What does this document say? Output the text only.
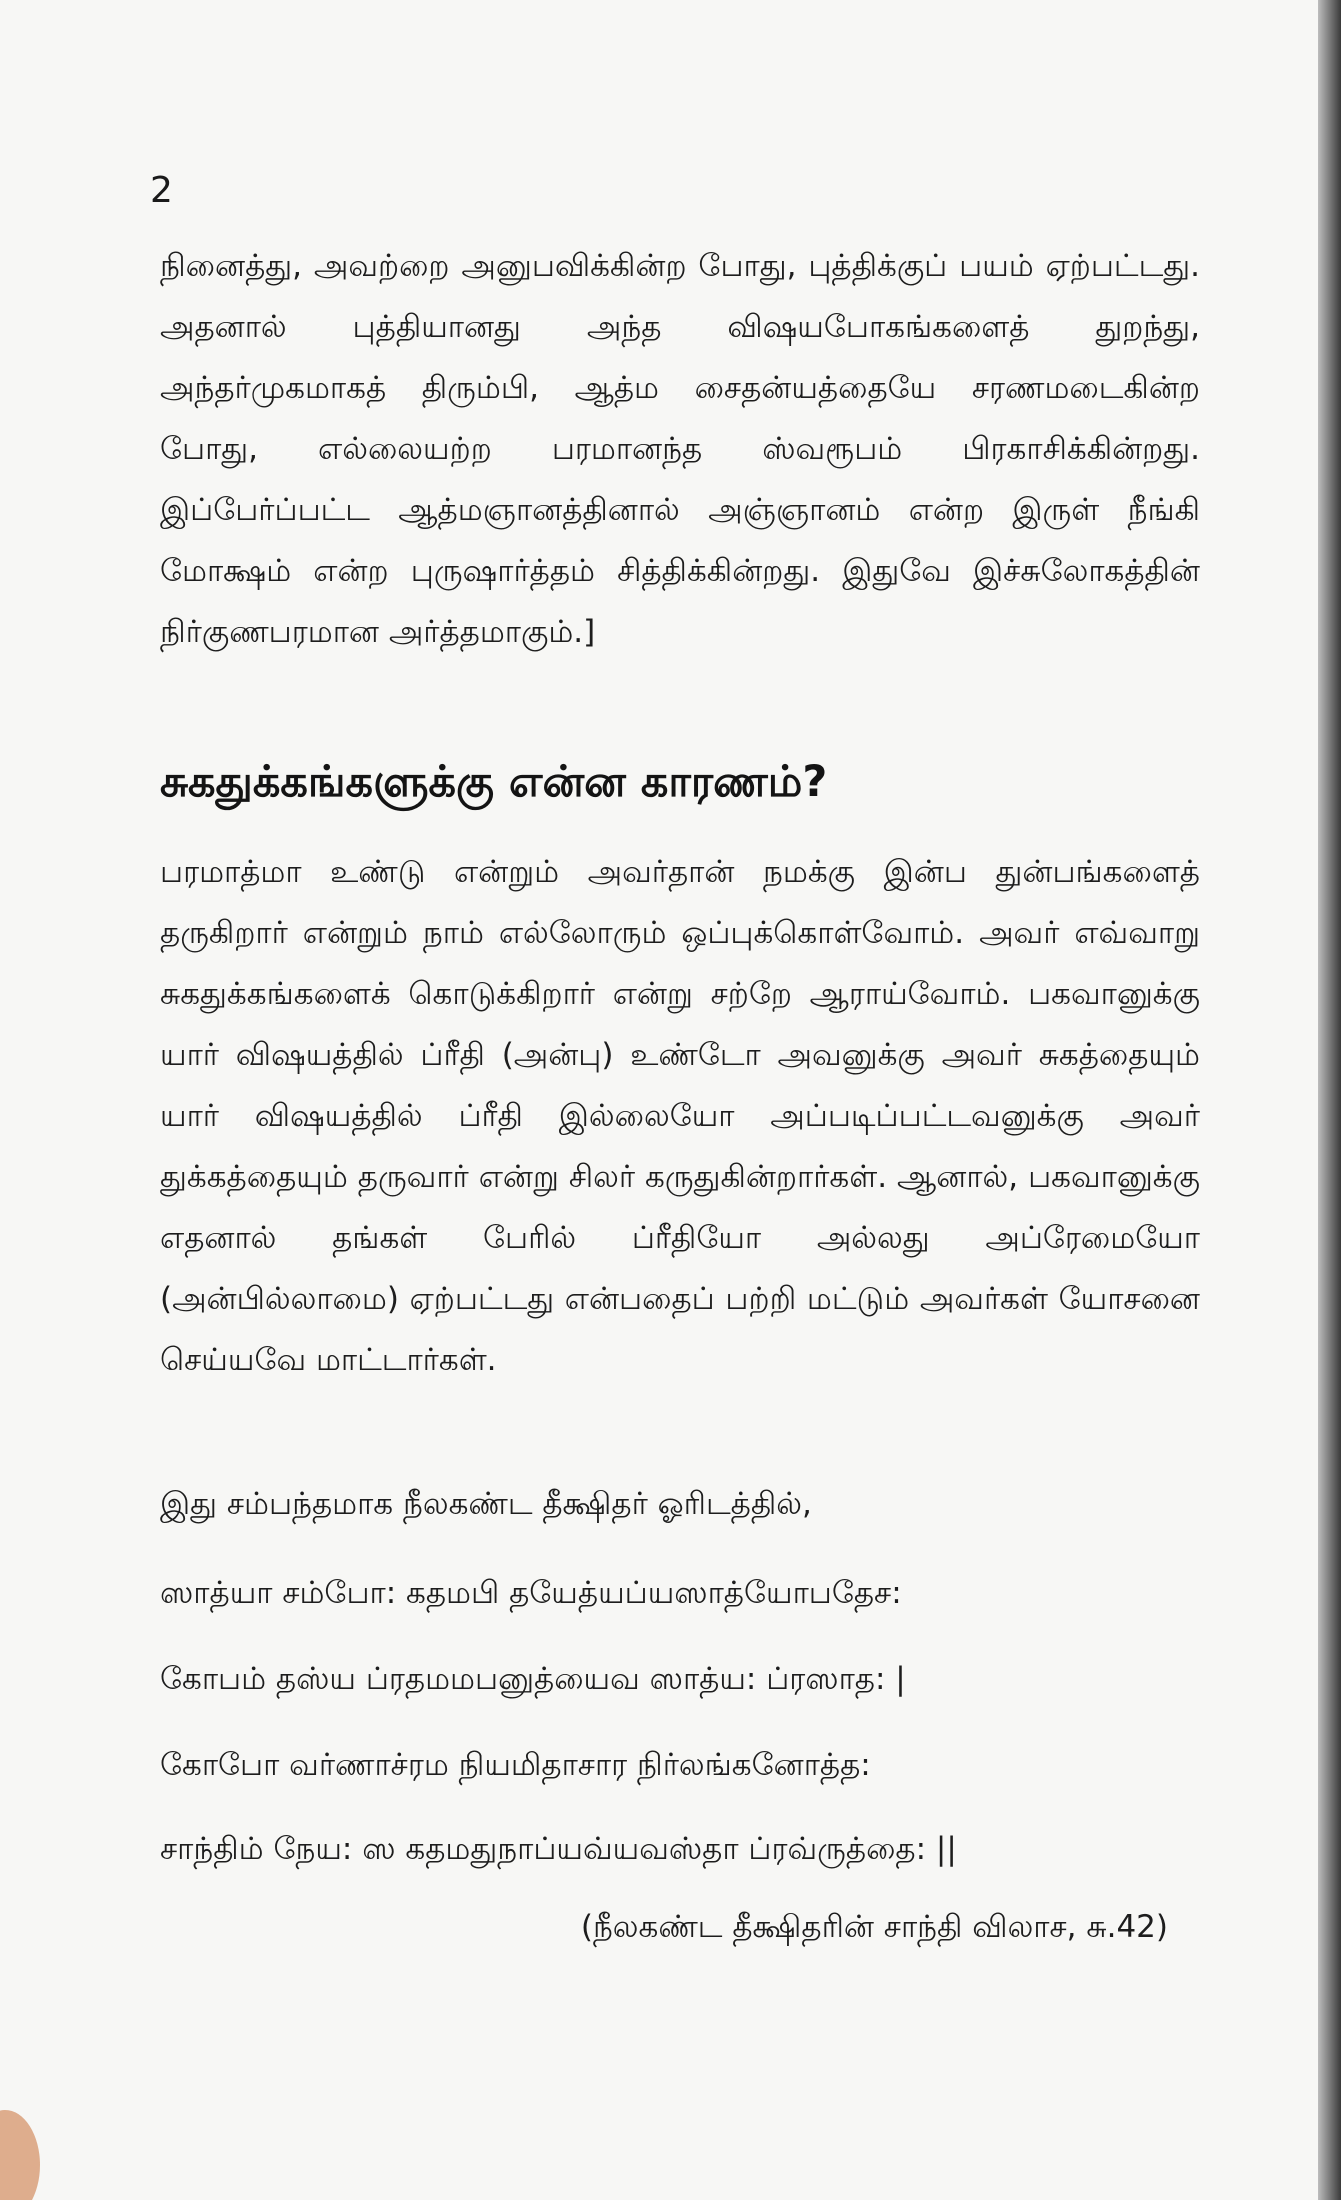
2

நினைத்து, அவற்றை அனுபவிக்கின்ற போது, புத்திக்குப் பயம் ஏற்பட்டது. அதனால் புத்தியானது அந்த விஷயபோகங்களைத் துறந்து, அந்தர்முகமாகத் திரும்பி, ஆத்ம சைதன்யத்தையே சரணமடைகின்ற போது, எல்லையற்ற பரமானந்த ஸ்வரூபம் பிரகாசிக்கின்றது. இப்பேர்ப்பட்ட ஆத்மஞானத்தினால் அஞ்ஞானம் என்ற இருள் நீங்கி மோக்ஷம் என்ற புருஷார்த்தம் சித்திக்கின்றது. இதுவே இச்சுலோகத்தின் நிர்குணபரமான அர்த்தமாகும்.]

சுகதுக்கங்களுக்கு என்ன காரணம்?

பரமாத்மா உண்டு என்றும் அவர்தான் நமக்கு இன்ப துன்பங்களைத் தருகிறார் என்றும் நாம் எல்லோரும் ஒப்புக்கொள்வோம். அவர் எவ்வாறு சுகதுக்கங்களைக் கொடுக்கிறார் என்று சற்றே ஆராய்வோம். பகவானுக்கு யார் விஷயத்தில் ப்ரீதி (அன்பு) உண்டோ அவனுக்கு அவர் சுகத்தையும் யார் விஷயத்தில் ப்ரீதி இல்லையோ அப்படிப்பட்டவனுக்கு அவர் துக்கத்தையும் தருவார் என்று சிலர் கருதுகின்றார்கள். ஆனால், பகவானுக்கு எதனால் தங்கள் பேரில் ப்ரீதியோ அல்லது அப்ரேமையோ (அன்பில்லாமை) ஏற்பட்டது என்பதைப் பற்றி மட்டும் அவர்கள் யோசனை செய்யவே மாட்டார்கள்.

இது சம்பந்தமாக நீலகண்ட தீக்ஷிதர் ஓரிடத்தில்,

ஸாத்யா சம்போ: கதமபி தயேத்யப்யஸாத்யோபதேச:

கோபம் தஸ்ய ப்ரதமமபனுத்யைவ ஸாத்ய: ப்ரஸாத: |

கோபோ வர்ணாச்ரம நியமிதாசார நிர்லங்கனோத்த:

சாந்திம் நேய: ஸ கதமதுநாப்யவ்யவஸ்தா ப்ரவ்ருத்தை: ||

(நீலகண்ட தீக்ஷிதரின் சாந்தி விலாச, சு.42)
